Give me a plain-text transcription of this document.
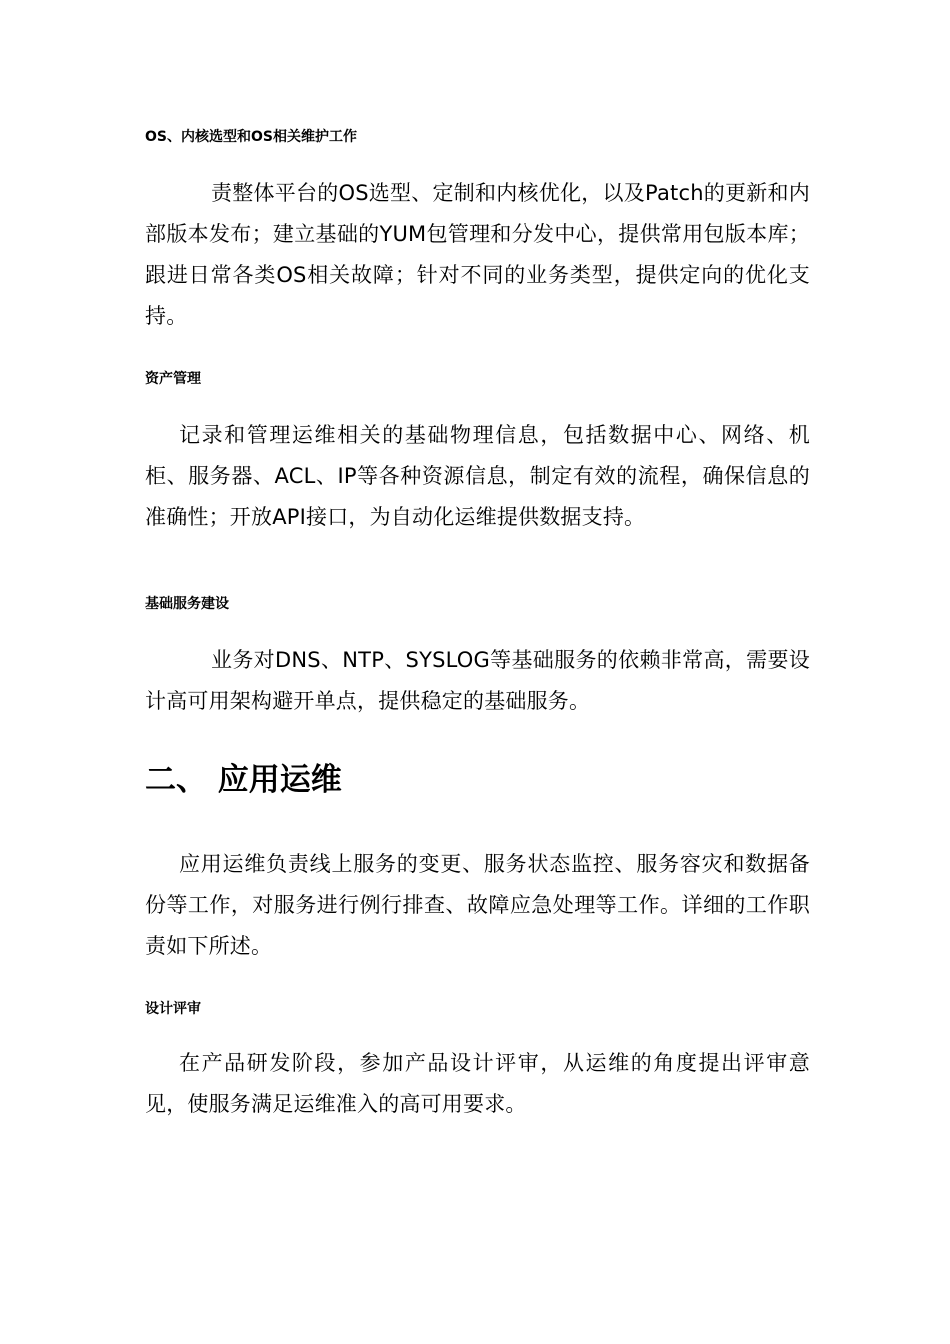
OS、内核选型和OS相关维护工作

责整体平台的OS选型、定制和内核优化，以及Patch的更新和内部版本发布；建立基础的YUM包管理和分发中心，提供常用包版本库；跟进日常各类OS相关故障；针对不同的业务类型，提供定向的优化支持。

资产管理

记录和管理运维相关的基础物理信息，包括数据中心、网络、机柜、服务器、ACL、IP等各种资源信息，制定有效的流程，确保信息的准确性；开放API接口，为自动化运维提供数据支持。

基础服务建设

业务对DNS、NTP、SYSLOG等基础服务的依赖非常高，需要设计高可用架构避开单点，提供稳定的基础服务。

二、 应用运维

应用运维负责线上服务的变更、服务状态监控、服务容灾和数据备份等工作，对服务进行例行排查、故障应急处理等工作。详细的工作职责如下所述。

设计评审

在产品研发阶段，参加产品设计评审，从运维的角度提出评审意见，使服务满足运维准入的高可用要求。
